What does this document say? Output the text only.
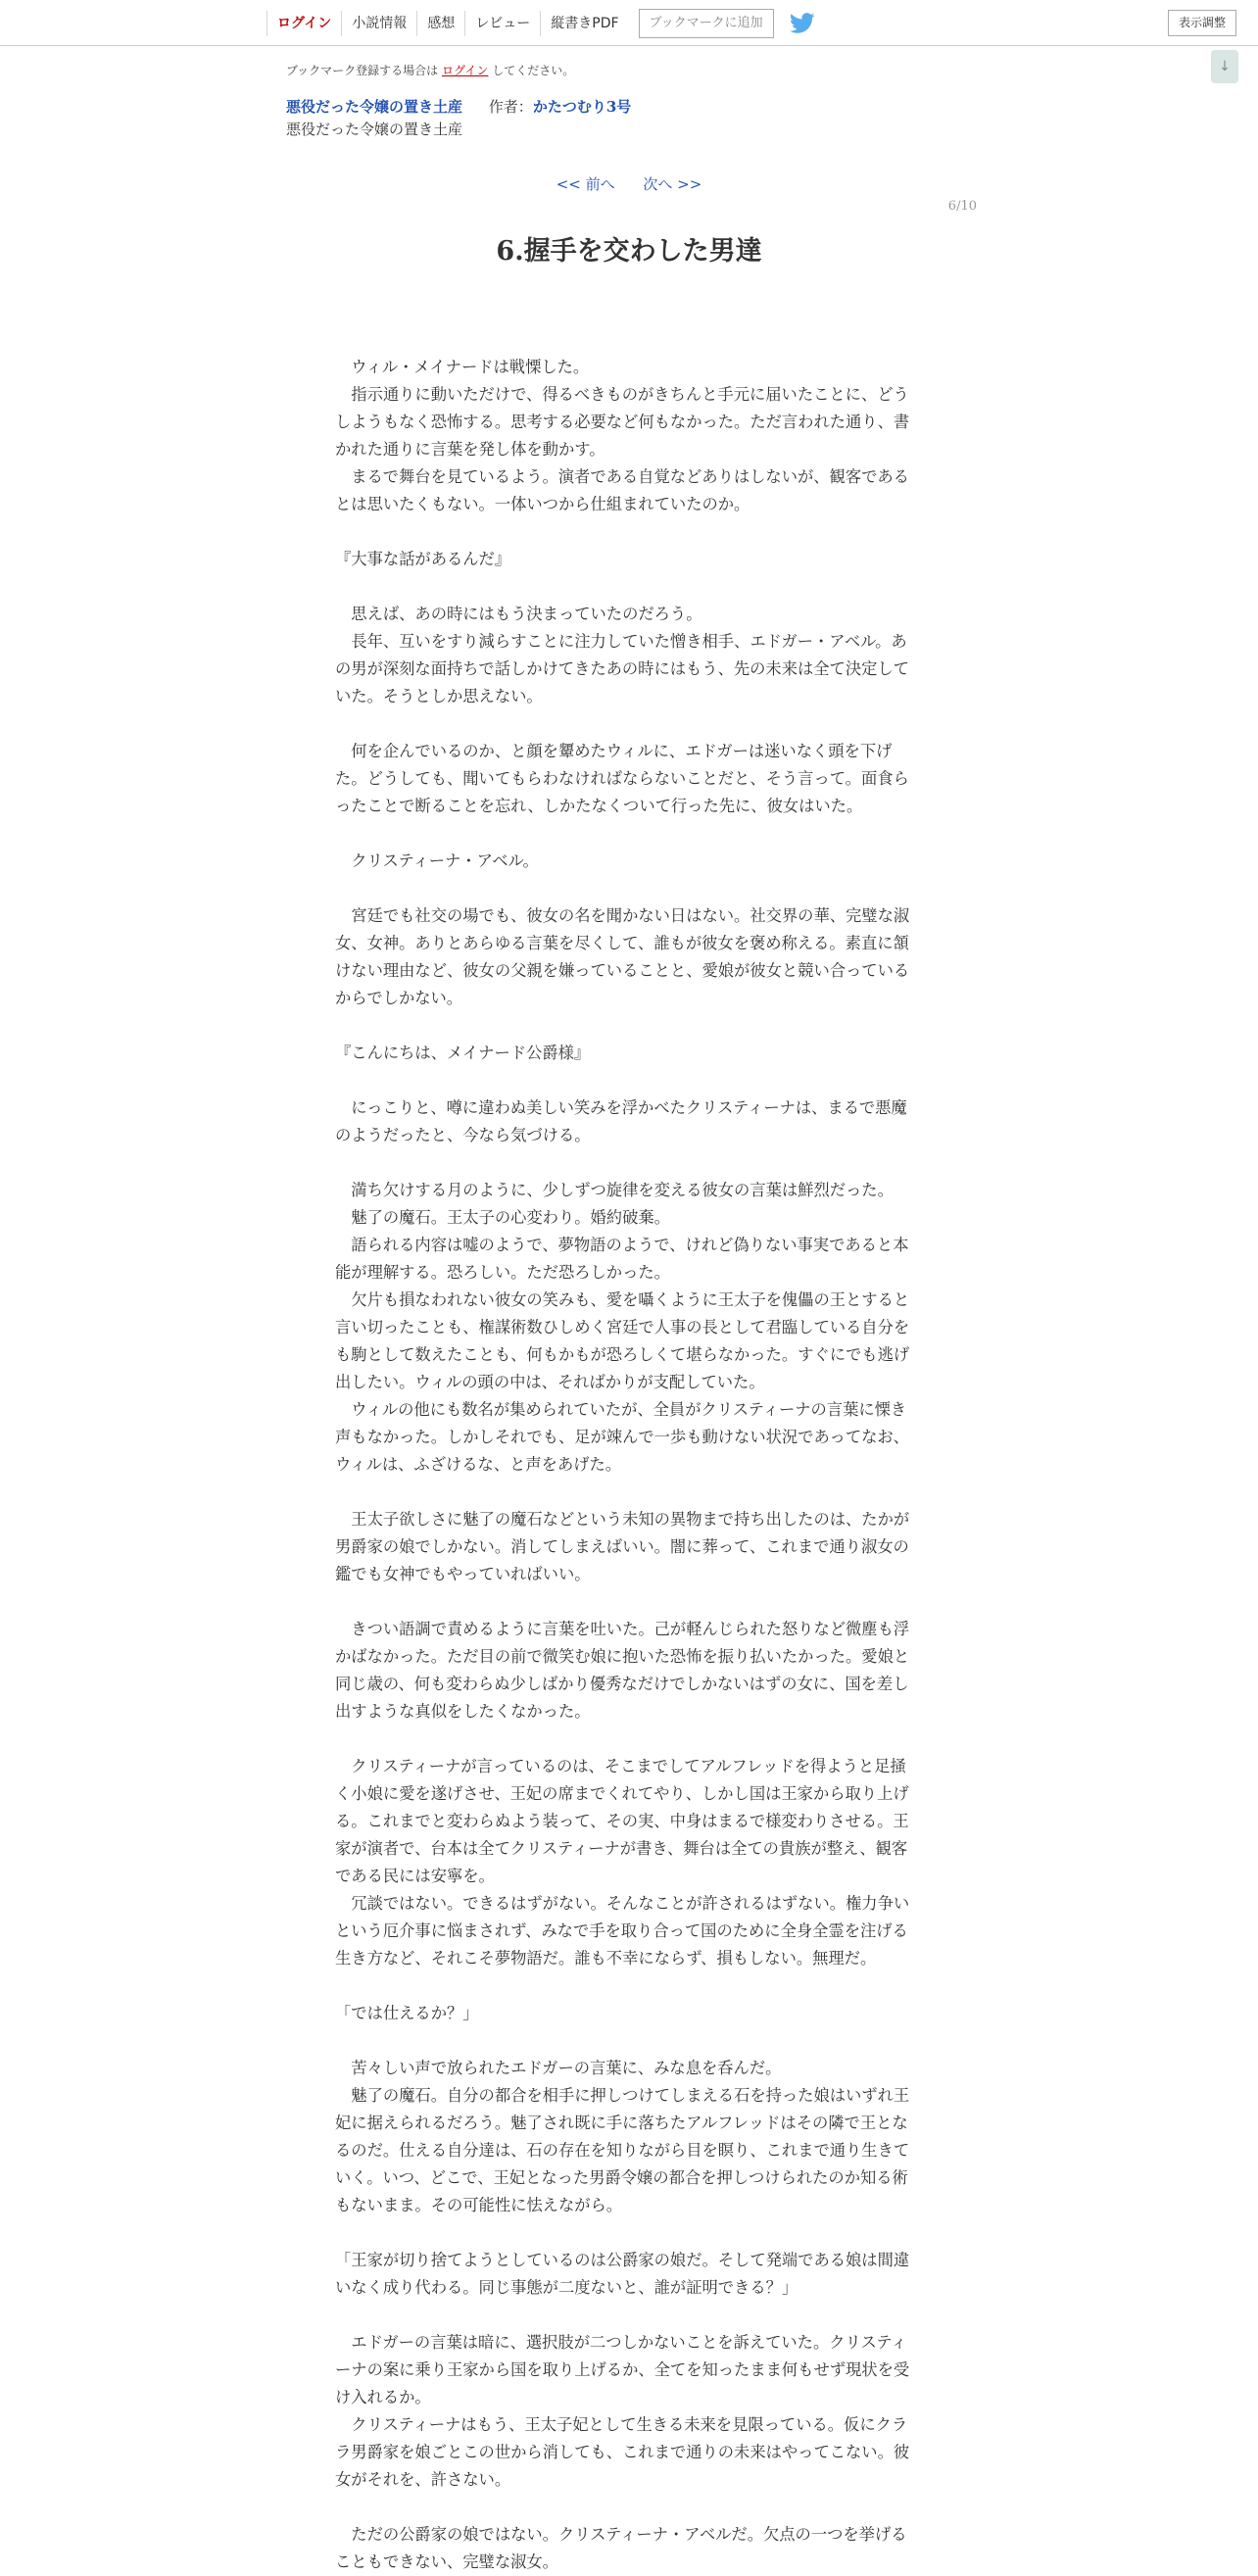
ログイン	小説情報	感想	レビュー	縦書きPDF	ブックマークに追加	表示調整
↓
ブックマーク登録する場合は ログイン してください。
悪役だった令嬢の置き土産 作者：かたつむり3号
悪役だった令嬢の置き土産
<< 前へ 次へ >>
6/10
6.握手を交わした男達

　ウィル・メイナードは戦慄した。

　指示通りに動いただけで、得るべきものがきちんと手元に届いたことに、どうしようもなく恐怖する。思考する必要など何もなかった。ただ言われた通り、書かれた通りに言葉を発し体を動かす。

　まるで舞台を見ているよう。演者である自覚などありはしないが、観客であるとは思いたくもない。一体いつから仕組まれていたのか。

『大事な話があるんだ』

　思えば、あの時にはもう決まっていたのだろう。

　長年、互いをすり減らすことに注力していた憎き相手、エドガー・アベル。あの男が深刻な面持ちで話しかけてきたあの時にはもう、先の未来は全て決定していた。そうとしか思えない。

　何を企んでいるのか、と顔を顰めたウィルに、エドガーは迷いなく頭を下げた。どうしても、聞いてもらわなければならないことだと、そう言って。面食らったことで断ることを忘れ、しかたなくついて行った先に、彼女はいた。

　クリスティーナ・アベル。

　宮廷でも社交の場でも、彼女の名を聞かない日はない。社交界の華、完璧な淑女、女神。ありとあらゆる言葉を尽くして、誰もが彼女を褒め称える。素直に頷けない理由など、彼女の父親を嫌っていることと、愛娘が彼女と競い合っているからでしかない。

『こんにちは、メイナード公爵様』

　にっこりと、噂に違わぬ美しい笑みを浮かべたクリスティーナは、まるで悪魔のようだったと、今なら気づける。

　満ち欠けする月のように、少しずつ旋律を変える彼女の言葉は鮮烈だった。

　魅了の魔石。王太子の心変わり。婚約破棄。

　語られる内容は嘘のようで、夢物語のようで、けれど偽りない事実であると本能が理解する。恐ろしい。ただ恐ろしかった。

　欠片も損なわれない彼女の笑みも、愛を囁くように王太子を傀儡の王とすると言い切ったことも、権謀術数ひしめく宮廷で人事の長として君臨している自分をも駒として数えたことも、何もかもが恐ろしくて堪らなかった。すぐにでも逃げ出したい。ウィルの頭の中は、そればかりが支配していた。

　ウィルの他にも数名が集められていたが、全員がクリスティーナの言葉に慄き声もなかった。しかしそれでも、足が竦んで一歩も動けない状況であってなお、ウィルは、ふざけるな、と声をあげた。

　王太子欲しさに魅了の魔石などという未知の異物まで持ち出したのは、たかが男爵家の娘でしかない。消してしまえばいい。闇に葬って、これまで通り淑女の鑑でも女神でもやっていればいい。

　きつい語調で責めるように言葉を吐いた。己が軽んじられた怒りなど微塵も浮かばなかった。ただ目の前で微笑む娘に抱いた恐怖を振り払いたかった。愛娘と同じ歳の、何も変わらぬ少しばかり優秀なだけでしかないはずの女に、国を差し出すような真似をしたくなかった。

　クリスティーナが言っているのは、そこまでしてアルフレッドを得ようと足掻く小娘に愛を遂げさせ、王妃の席までくれてやり、しかし国は王家から取り上げる。これまでと変わらぬよう装って、その実、中身はまるで様変わりさせる。王家が演者で、台本は全てクリスティーナが書き、舞台は全ての貴族が整え、観客である民には安寧を。

　冗談ではない。できるはずがない。そんなことが許されるはずない。権力争いという厄介事に悩まされず、みなで手を取り合って国のために全身全霊を注げる生き方など、それこそ夢物語だ。誰も不幸にならず、損もしない。無理だ。

「では仕えるか？」

　苦々しい声で放られたエドガーの言葉に、みな息を呑んだ。

　魅了の魔石。自分の都合を相手に押しつけてしまえる石を持った娘はいずれ王妃に据えられるだろう。魅了され既に手に落ちたアルフレッドはその隣で王となるのだ。仕える自分達は、石の存在を知りながら目を瞑り、これまで通り生きていく。いつ、どこで、王妃となった男爵令嬢の都合を押しつけられたのか知る術もないまま。その可能性に怯えながら。

「王家が切り捨てようとしているのは公爵家の娘だ。そして発端である娘は間違いなく成り代わる。同じ事態が二度ないと、誰が証明できる？」

　エドガーの言葉は暗に、選択肢が二つしかないことを訴えていた。クリスティーナの案に乗り王家から国を取り上げるか、全てを知ったまま何もせず現状を受け入れるか。

　クリスティーナはもう、王太子妃として生きる未来を見限っている。仮にクララ男爵家を娘ごとこの世から消しても、これまで通りの未来はやってこない。彼女がそれを、許さない。

　ただの公爵家の娘ではない。クリスティーナ・アベルだ。欠点の一つを挙げることもできない、完璧な淑女。
